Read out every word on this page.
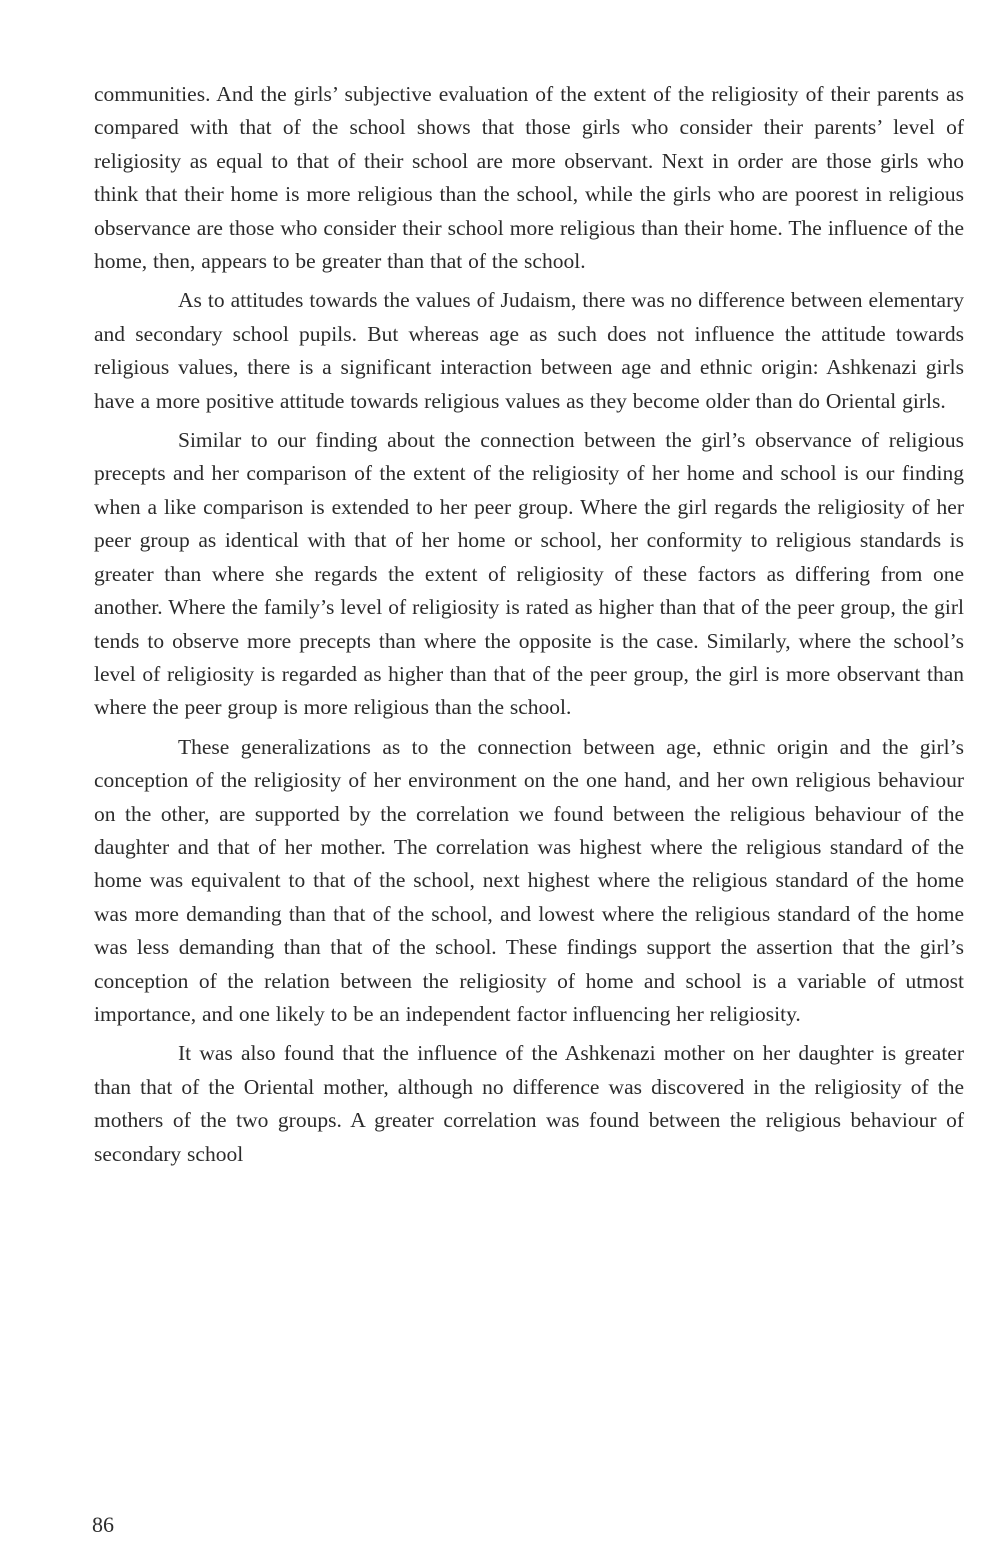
communities. And the girls’ subjective evaluation of the extent of the religiosity of their parents as compared with that of the school shows that those girls who consider their parents’ level of religiosity as equal to that of their school are more observant. Next in order are those girls who think that their home is more religious than the school, while the girls who are poorest in religious observance are those who consider their school more religious than their home. The influence of the home, then, appears to be greater than that of the school.

As to attitudes towards the values of Judaism, there was no difference between elementary and secondary school pupils. But whereas age as such does not influence the attitude towards religious values, there is a significant interaction between age and ethnic origin: Ashkenazi girls have a more positive attitude towards religious values as they become older than do Oriental girls.

Similar to our finding about the connection between the girl’s observance of religious precepts and her comparison of the extent of the religiosity of her home and school is our finding when a like comparison is extended to her peer group. Where the girl regards the religiosity of her peer group as identical with that of her home or school, her conformity to religious standards is greater than where she regards the extent of religiosity of these factors as differing from one another. Where the family’s level of religiosity is rated as higher than that of the peer group, the girl tends to observe more precepts than where the opposite is the case. Similarly, where the school’s level of religiosity is regarded as higher than that of the peer group, the girl is more observant than where the peer group is more religious than the school.

These generalizations as to the connection between age, ethnic origin and the girl’s conception of the religiosity of her environment on the one hand, and her own religious behaviour on the other, are supported by the correlation we found between the religious behaviour of the daughter and that of her mother. The correlation was highest where the religious standard of the home was equivalent to that of the school, next highest where the religious standard of the home was more demanding than that of the school, and lowest where the religious standard of the home was less demanding than that of the school. These findings support the assertion that the girl’s conception of the relation between the religiosity of home and school is a variable of utmost importance, and one likely to be an independent factor influencing her religiosity.

It was also found that the influence of the Ashkenazi mother on her daughter is greater than that of the Oriental mother, although no difference was discovered in the religiosity of the mothers of the two groups. A greater correlation was found between the religious behaviour of secondary school

86
